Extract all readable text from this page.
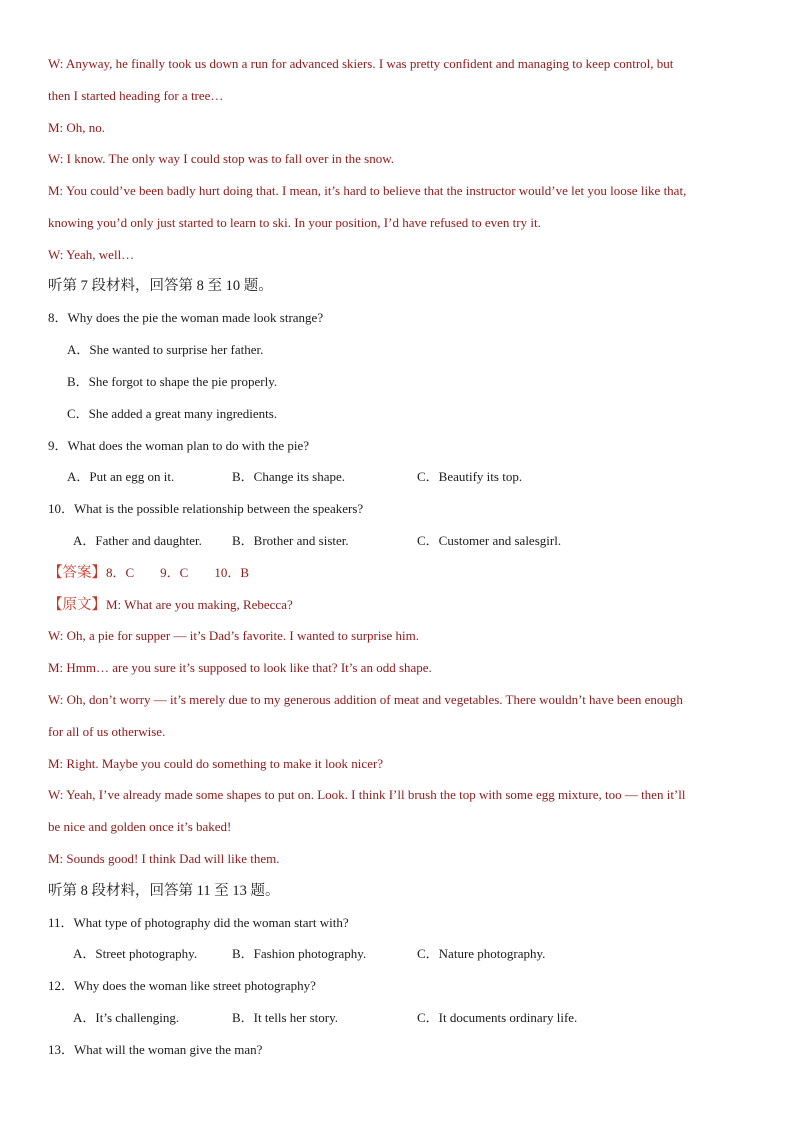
W: Anyway, he finally took us down a run for advanced skiers. I was pretty confident and managing to keep control, but
then I started heading for a tree…
M: Oh, no.
W: I know. The only way I could stop was to fall over in the snow.
M: You could’ve been badly hurt doing that. I mean, it’s hard to believe that the instructor would’ve let you loose like that,
knowing you’d only just started to learn to ski. In your position, I’d have refused to even try it.
W: Yeah, well…
听第 7 段材料，回答第 8 至 10 题。
8．Why does the pie the woman made look strange?
A．She wanted to surprise her father.
B．She forgot to shape the pie properly.
C．She added a great many ingredients.
9．What does the woman plan to do with the pie?
A．Put an egg on it.	B．Change its shape.	C．Beautify its top.
10．What is the possible relationship between the speakers?
A．Father and daughter. B．Brother and sister.	C．Customer and salesgirl.
【答案】8．C　　9．C　　10．B
【原文】M: What are you making, Rebecca?
W: Oh, a pie for supper — it’s Dad’s favorite. I wanted to surprise him.
M: Hmm… are you sure it’s supposed to look like that? It’s an odd shape.
W: Oh, don’t worry — it’s merely due to my generous addition of meat and vegetables. There wouldn’t have been enough
for all of us otherwise.
M: Right. Maybe you could do something to make it look nicer?
W: Yeah, I’ve already made some shapes to put on. Look. I think I’ll brush the top with some egg mixture, too — then it’ll
be nice and golden once it’s baked!
M: Sounds good! I think Dad will like them.
听第 8 段材料，回答第 11 至 13 题。
11．What type of photography did the woman start with?
A．Street photography.	B．Fashion photography.	C．Nature photography.
12．Why does the woman like street photography?
A．It’s challenging.	B．It tells her story.	C．It documents ordinary life.
13．What will the woman give the man?
